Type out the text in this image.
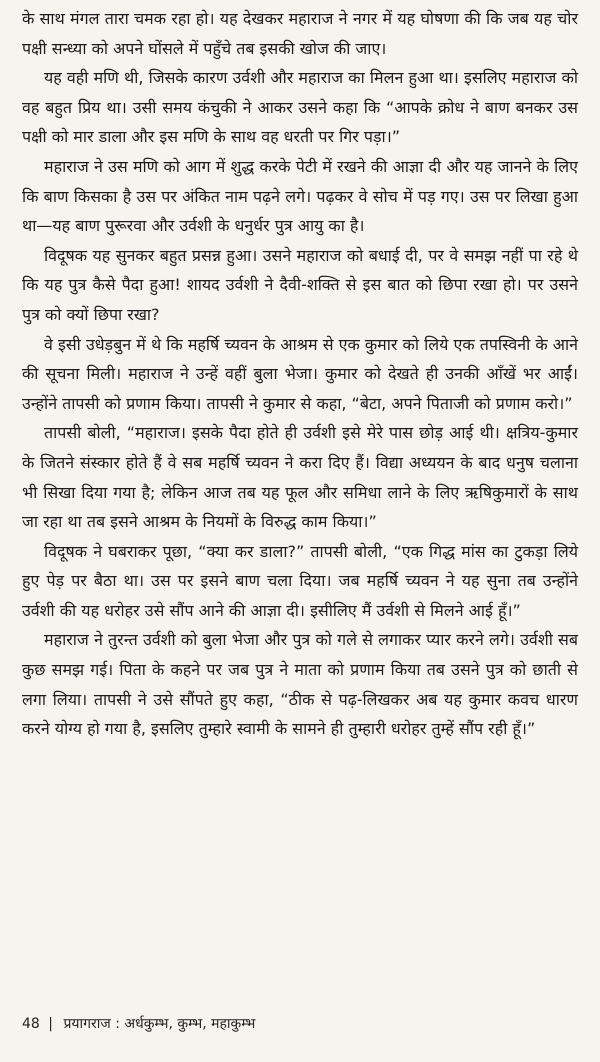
के साथ मंगल तारा चमक रहा हो। यह देखकर महाराज ने नगर में यह घोषणा की कि जब यह चोर पक्षी सन्ध्या को अपने घोंसले में पहुँचे तब इसकी खोज की जाए।

यह वही मणि थी, जिसके कारण उर्वशी और महाराज का मिलन हुआ था। इसलिए महाराज को वह बहुत प्रिय था। उसी समय कंचुकी ने आकर उसने कहा कि “आपके क्रोध ने बाण बनकर उस पक्षी को मार डाला और इस मणि के साथ वह धरती पर गिर पड़ा।”

महाराज ने उस मणि को आग में शुद्ध करके पेटी में रखने की आज्ञा दी और यह जानने के लिए कि बाण किसका है उस पर अंकित नाम पढ़ने लगे। पढ़कर वे सोच में पड़ गए। उस पर लिखा हुआ था—यह बाण पुरूरवा और उर्वशी के धनुर्धर पुत्र आयु का है।

विदूषक यह सुनकर बहुत प्रसन्न हुआ। उसने महाराज को बधाई दी, पर वे समझ नहीं पा रहे थे कि यह पुत्र कैसे पैदा हुआ! शायद उर्वशी ने दैवी-शक्ति से इस बात को छिपा रखा हो। पर उसने पुत्र को क्यों छिपा रखा?

वे इसी उधेड़बुन में थे कि महर्षि च्यवन के आश्रम से एक कुमार को लिये एक तपस्विनी के आने की सूचना मिली। महाराज ने उन्हें वहीं बुला भेजा। कुमार को देखते ही उनकी आँखें भर आईं। उन्होंने तापसी को प्रणाम किया। तापसी ने कुमार से कहा, “बेटा, अपने पिताजी को प्रणाम करो।”

तापसी बोली, “महाराज। इसके पैदा होते ही उर्वशी इसे मेरे पास छोड़ आई थी। क्षत्रिय-कुमार के जितने संस्कार होते हैं वे सब महर्षि च्यवन ने करा दिए हैं। विद्या अध्ययन के बाद धनुष चलाना भी सिखा दिया गया है; लेकिन आज तब यह फूल और समिधा लाने के लिए ऋषिकुमारों के साथ जा रहा था तब इसने आश्रम के नियमों के विरुद्ध काम किया।”

विदूषक ने घबराकर पूछा, “क्या कर डाला?” तापसी बोली, “एक गिद्ध मांस का टुकड़ा लिये हुए पेड़ पर बैठा था। उस पर इसने बाण चला दिया। जब महर्षि च्यवन ने यह सुना तब उन्होंने उर्वशी की यह धरोहर उसे सौंप आने की आज्ञा दी। इसीलिए मैं उर्वशी से मिलने आई हूँ।”

महाराज ने तुरन्त उर्वशी को बुला भेजा और पुत्र को गले से लगाकर प्यार करने लगे। उर्वशी सब कुछ समझ गई। पिता के कहने पर जब पुत्र ने माता को प्रणाम किया तब उसने पुत्र को छाती से लगा लिया। तापसी ने उसे सौंपते हुए कहा, “ठीक से पढ़-लिखकर अब यह कुमार कवच धारण करने योग्य हो गया है, इसलिए तुम्हारे स्वामी के सामने ही तुम्हारी धरोहर तुम्हें सौंप रही हूँ।”

48 | प्रयागराज : अर्धकुम्भ, कुम्भ, महाकुम्भ
